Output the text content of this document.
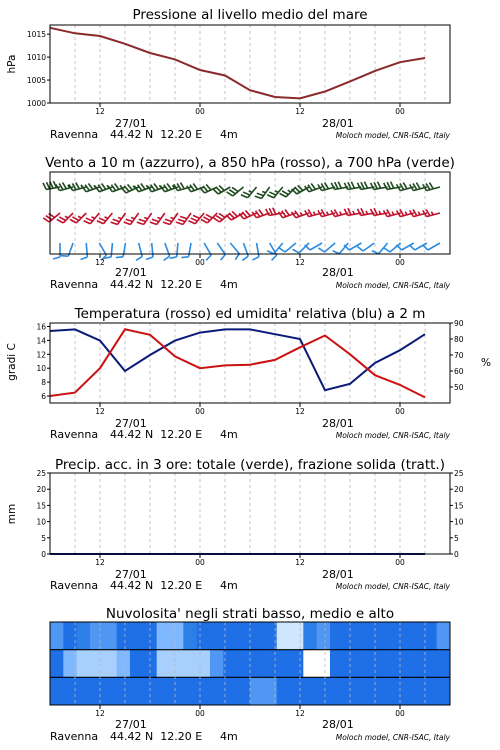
Pressione al livello medio del mare
hPa
1000
1005
1010
1015
12	00	12	00
27/01	28/01
Ravenna 44.42 N  12.20 E 4m	Moloch model, CNR-ISAC, Italy
Vento a 10 m (azzurro), a 850 hPa (rosso), a 700 hPa (verde)
12	00	12	00
27/01	28/01
Ravenna 44.42 N  12.20 E 4m	Moloch model, CNR-ISAC, Italy
Temperatura (rosso) ed umidita' relativa (blu) a 2 m
gradi C	%
6
8
10
12
14
16
50
60
70
80
90
12	00	12	00
27/01	28/01
Ravenna 44.42 N  12.20 E 4m	Moloch model, CNR-ISAC, Italy
Precip. acc. in 3 ore: totale (verde), frazione solida (tratt.)
mm
0
5
10
15
20
25
0
5
10
15
20
25
12	00	12	00
27/01	28/01
Ravenna 44.42 N  12.20 E 4m	Moloch model, CNR-ISAC, Italy
Nuvolosita' negli strati basso, medio e alto
12	00	12	00
27/01	28/01
Ravenna 44.42 N  12.20 E 4m	Moloch model, CNR-ISAC, Italy
